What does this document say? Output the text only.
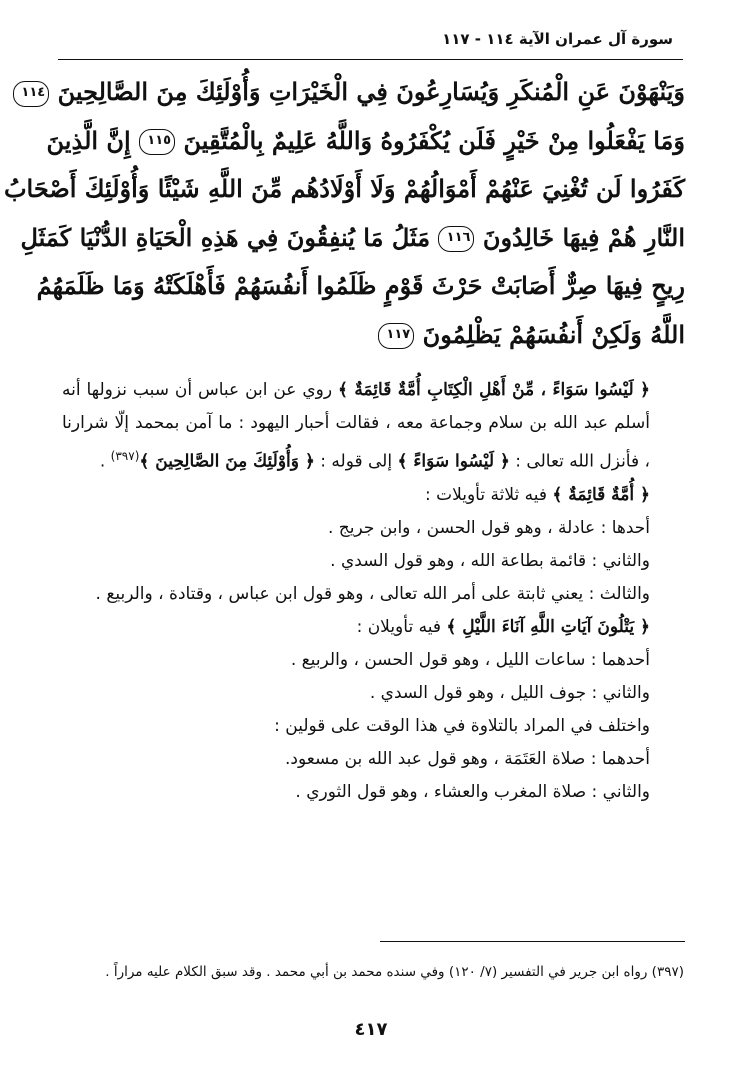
سورة آل عمران الآية ١١٤ - ١١٧
وَيَنْهَوْنَ عَنِ الْمُنكَرِ وَيُسَارِعُونَ فِي الْخَيْرَاتِ وَأُوْلَئِكَ مِنَ الصَّالِحِينَ ١١٤
وَمَا يَفْعَلُوا مِنْ خَيْرٍ فَلَن يُكْفَرُوهُ وَاللَّهُ عَلِيمٌ بِالْمُتَّقِينَ ١١٥ إِنَّ الَّذِينَ
كَفَرُوا لَن تُغْنِيَ عَنْهُمْ أَمْوَالُهُمْ وَلَا أَوْلَادُهُم مِّنَ اللَّهِ شَيْئًا وَأُوْلَئِكَ أَصْحَابُ
النَّارِ هُمْ فِيهَا خَالِدُونَ ١١٦ مَثَلُ مَا يُنفِقُونَ فِي هَذِهِ الْحَيَاةِ الدُّنْيَا كَمَثَلِ
رِيحٍ فِيهَا صِرٌّ أَصَابَتْ حَرْثَ قَوْمٍ ظَلَمُوا أَنفُسَهُمْ فَأَهْلَكَتْهُ وَمَا ظَلَمَهُمُ
اللَّهُ وَلَكِنْ أَنفُسَهُمْ يَظْلِمُونَ ١١٧

﴿ لَيْسُوا سَوَاءً ، مِّنْ أَهْلِ الْكِتَابِ أُمَّةٌ قَائِمَةٌ ﴾ روي عن ابن عباس أن سبب نزولها أنه أسلم عبد الله بن سلام وجماعة معه ، فقالت أحبار اليهود : ما آمن بمحمد إلّا شرارنا ، فأنزل الله تعالى : ﴿ لَيْسُوا سَوَاءً ﴾ إلى قوله : ﴿ وَأُوْلَئِكَ مِنَ الصَّالِحِينَ ﴾$^{(٣٩٧)}$ .

﴿ أُمَّةٌ قَائِمَةٌ ﴾ فيه ثلاثة تأويلات :

أحدها : عادلة ، وهو قول الحسن ، وابن جريج .

والثاني : قائمة بطاعة الله ، وهو قول السدي .

والثالث : يعني ثابتة على أمر الله تعالى ، وهو قول ابن عباس ، وقتادة ، والربيع .

﴿ يَتْلُونَ آيَاتِ اللَّهِ آنَاءَ اللَّيْلِ ﴾ فيه تأويلان :

أحدهما : ساعات الليل ، وهو قول الحسن ، والربيع .

والثاني : جوف الليل ، وهو قول السدي .

واختلف في المراد بالتلاوة في هذا الوقت على قولين :

أحدهما : صلاة العَتَمَة ، وهو قول عبد الله بن مسعود.

والثاني : صلاة المغرب والعشاء ، وهو قول الثوري .

(٣٩٧) رواه ابن جرير في التفسير (٧/ ١٢٠) وفي سنده محمد بن أبي محمد . وقد سبق الكلام عليه مراراً .
٤١٧
